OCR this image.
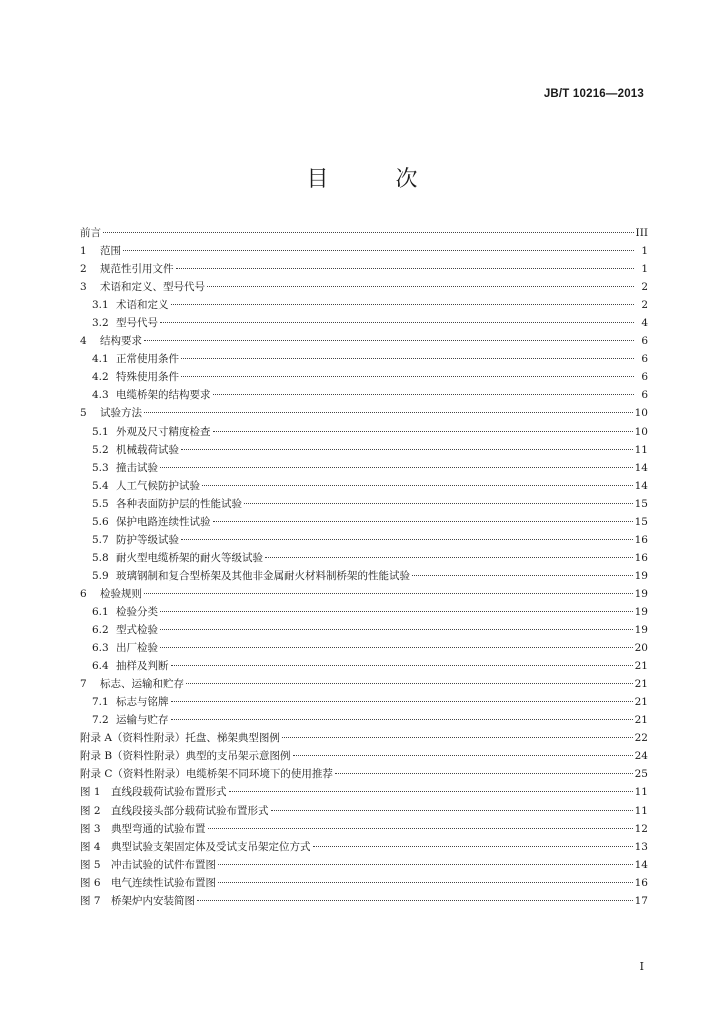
JB/T 10216—2013
目 次
前言	III
1	范围	1
2	规范性引用文件	1
3	术语和定义、型号代号	2
3.1 术语和定义	2
3.2 型号代号	4
4	结构要求	6
4.1 正常使用条件	6
4.2 特殊使用条件	6
4.3 电缆桥架的结构要求	6
5	试验方法	10
5.1 外观及尺寸精度检查	10
5.2 机械载荷试验	11
5.3 撞击试验	14
5.4 人工气候防护试验	14
5.5 各种表面防护层的性能试验	15
5.6 保护电路连续性试验	15
5.7 防护等级试验	16
5.8 耐火型电缆桥架的耐火等级试验	16
5.9 玻璃钢制和复合型桥架及其他非金属耐火材料制桥架的性能试验	19
6	检验规则	19
6.1 检验分类	19
6.2 型式检验	19
6.3 出厂检验	20
6.4 抽样及判断	21
7	标志、运输和贮存	21
7.1 标志与铭牌	21
7.2 运输与贮存	21
附录 A（资料性附录）托盘、梯架典型图例	22
附录 B（资料性附录）典型的支吊架示意图例	24
附录 C（资料性附录）电缆桥架不同环境下的使用推荐	25
图 1　直线段载荷试验布置形式	11
图 2　直线段接头部分载荷试验布置形式	11
图 3　典型弯通的试验布置	12
图 4　典型试验支架固定体及受试支吊架定位方式	13
图 5　冲击试验的试件布置图	14
图 6　电气连续性试验布置图	16
图 7　桥架炉内安装简图	17
I
